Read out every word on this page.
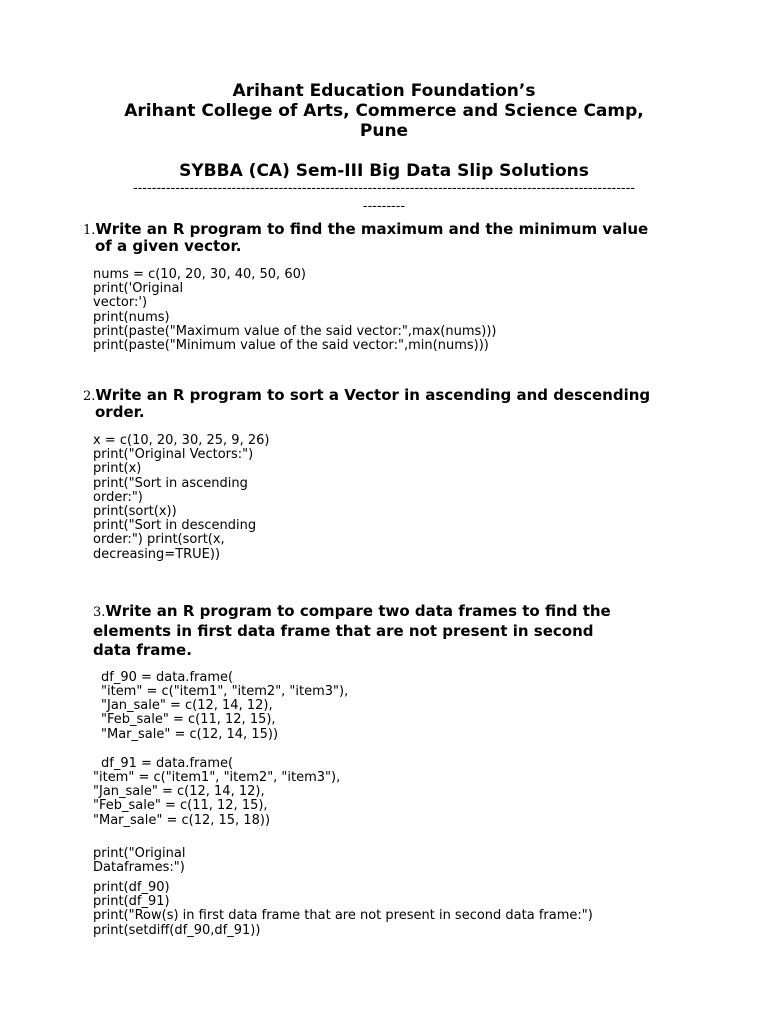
Arihant Education Foundation’s
Arihant College of Arts, Commerce and Science Camp,
Pune
SYBBA (CA) Sem-III Big Data Slip Solutions
-----------------------------------------------------------------------------------------------------------
---------
1.Write an R program to find the maximum and the minimum value
of a given vector.
nums = c(10, 20, 30, 40, 50, 60)
print('Original
vector:')
print(nums)
print(paste("Maximum value of the said vector:",max(nums)))
print(paste("Minimum value of the said vector:",min(nums)))
2.Write an R program to sort a Vector in ascending and descending
order.
x = c(10, 20, 30, 25, 9, 26)
print("Original Vectors:")
print(x)
print("Sort in ascending
order:")
print(sort(x))
print("Sort in descending
order:") print(sort(x,
decreasing=TRUE))
3.Write an R program to compare two data frames to find the
elements in first data frame that are not present in second
data frame.
df_90 = data.frame(
"item" = c("item1", "item2", "item3"),
"Jan_sale" = c(12, 14, 12),
"Feb_sale" = c(11, 12, 15),
"Mar_sale" = c(12, 14, 15))
df_91 = data.frame(
"item" = c("item1", "item2", "item3"),
"Jan_sale" = c(12, 14, 12),
"Feb_sale" = c(11, 12, 15),
"Mar_sale" = c(12, 15, 18))
print("Original
Dataframes:")
print(df_90)
print(df_91)
print("Row(s) in first data frame that are not present in second data frame:")
print(setdiff(df_90,df_91))
